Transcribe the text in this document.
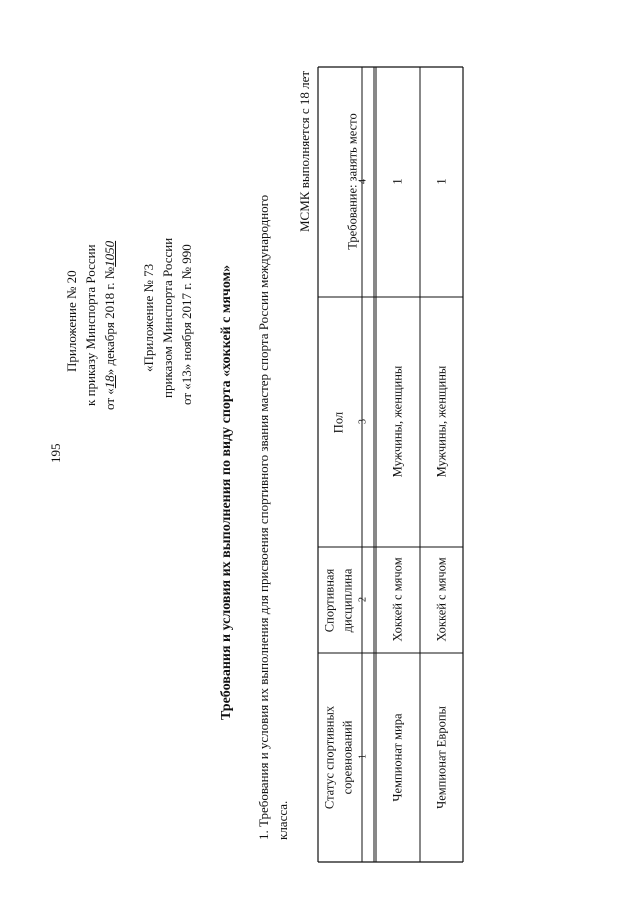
195
Приложение № 20 к приказу Минспорта России от «18» декабря 2018 г. №1050
«Приложение № 73 приказом Минспорта России от «13» ноября 2017 г. № 990 Требования и условия их выполнения по виду спорта «хоккей с мячом» 1. Требования и условия их выполнения для присвоения спортивного звания мастер спорта России международного класса.
МСМК выполняется с 18 лет
Статус спортивных соревнований
Спортивная дисциплина
Пол
Требование: занять место
1
2
3
4
Чемпионат мира
Хоккей с мячом
Мужчины, женщины
1
Чемпионат Европы
Хоккей с мячом
Мужчины, женщины
1
